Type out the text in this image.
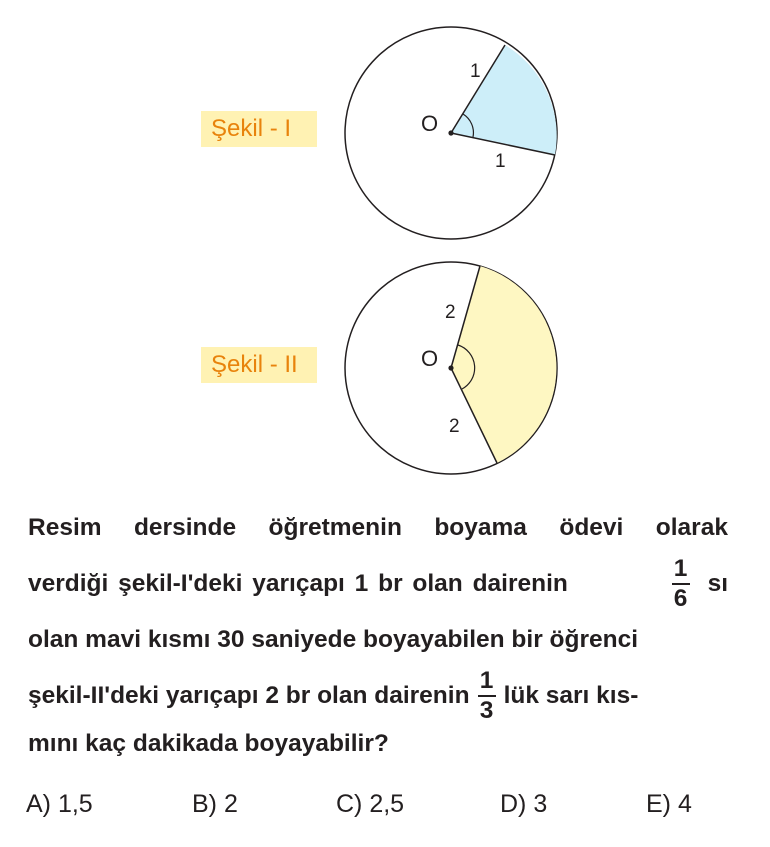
Şekil - I
Şekil - II
O
1
1
O
2
2
Resim dersinde öğretmenin boyama ödevi olarak
verdiği şekil-I'deki yarıçapı 1 br olan dairenin	$\frac{1}{6}$ sı
olan mavi kısmı 30 saniyede boyayabilen bir öğrenci
şekil-II'deki yarıçapı 2 br olan dairenin $\frac{1}{3}$ lük sarı kıs-
mını kaç dakikada boyayabilir?
A) 1,5	B) 2	C) 2,5	D) 3	E) 4
